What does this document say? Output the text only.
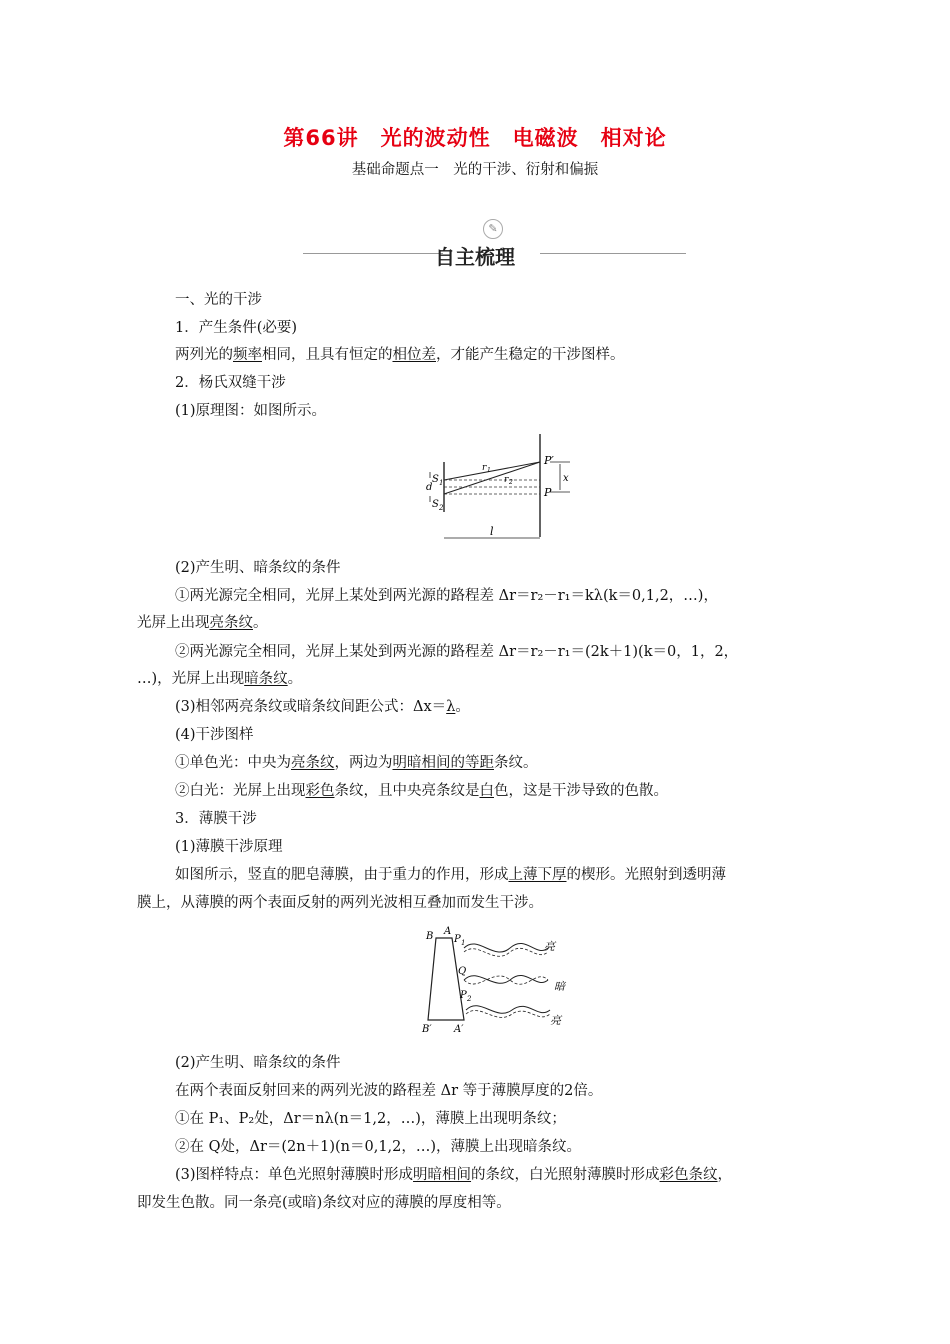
第66讲　光的波动性　电磁波　相对论
基础命题点一　光的干涉、衍射和偏振
✎
自主梳理
一、光的干涉
1．产生条件(必要)
两列光的频率相同，且具有恒定的相位差，才能产生稳定的干涉图样。
2．杨氏双缝干涉
(1)原理图：如图所示。
S 1
d
S 2
r 1
r 2
P′
P
x
l
(2)产生明、暗条纹的条件
①两光源完全相同，光屏上某处到两光源的路程差 Δr＝r₂－r₁＝kλ(k＝0,1,2，…)，
光屏上出现亮条纹。
②两光源完全相同，光屏上某处到两光源的路程差 Δr＝r₂－r₁＝(2k＋1)(k＝0，1，2，
…)，光屏上出现暗条纹。
(3)相邻两亮条纹或暗条纹间距公式：Δx＝λ。
(4)干涉图样
①单色光：中央为亮条纹，两边为明暗相间的等距条纹。
②白光：光屏上出现彩色条纹，且中央亮条纹是白色，这是干涉导致的色散。
3．薄膜干涉
(1)薄膜干涉原理
如图所示，竖直的肥皂薄膜，由于重力的作用，形成上薄下厚的楔形。光照射到透明薄
膜上，从薄膜的两个表面反射的两列光波相互叠加而发生干涉。
B A
P 1
Q
P 2
B′ A′
亮
暗
亮
(2)产生明、暗条纹的条件
在两个表面反射回来的两列光波的路程差 Δr 等于薄膜厚度的2倍。
①在 P₁、P₂处，Δr＝nλ(n＝1,2，…)，薄膜上出现明条纹；
②在 Q处，Δr＝(2n＋1)(n＝0,1,2，…)，薄膜上出现暗条纹。
(3)图样特点：单色光照射薄膜时形成明暗相间的条纹，白光照射薄膜时形成彩色条纹，
即发生色散。同一条亮(或暗)条纹对应的薄膜的厚度相等。
